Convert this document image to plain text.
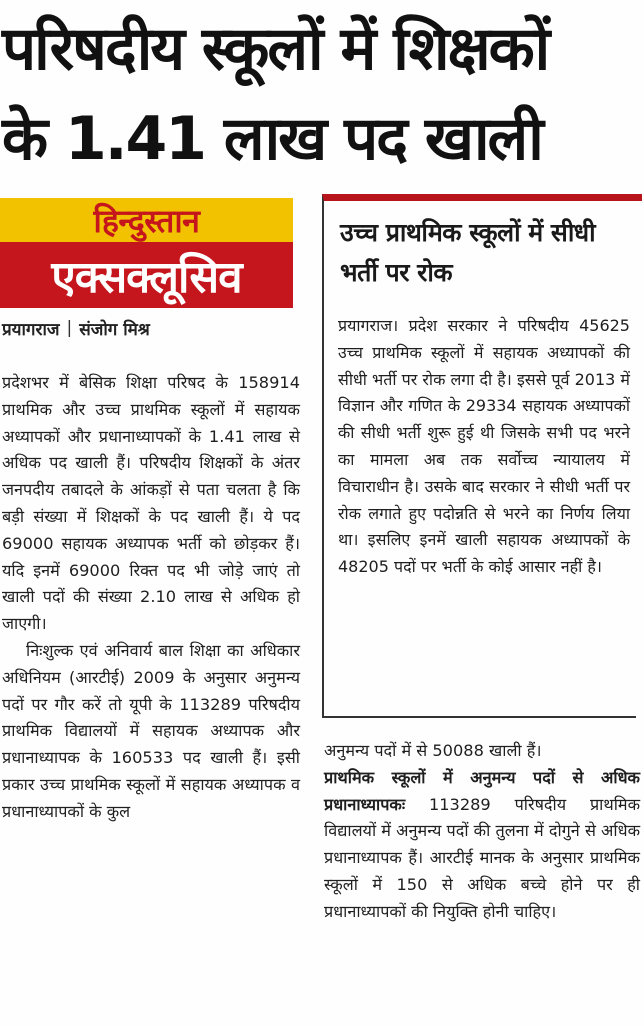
परिषदीय स्कूलों में शिक्षकों
के 1.41 लाख पद खाली
हिन्दुस्तान
एक्सक्लूसिव
प्रयागराज | संजोग मिश्र

प्रदेशभर में बेसिक शिक्षा परिषद के 158914 प्राथमिक और उच्च प्राथमिक स्कूलों में सहायक अध्यापकों और प्रधानाध्यापकों के 1.41 लाख से अधिक पद खाली हैं। परिषदीय शिक्षकों के अंतर जनपदीय तबादले के आंकड़ों से पता चलता है कि बड़ी संख्या में शिक्षकों के पद खाली हैं। ये पद 69000 सहायक अध्यापक भर्ती को छोड़कर हैं। यदि इनमें 69000 रिक्त पद भी जोड़े जाएं तो खाली पदों की संख्या 2.10 लाख से अधिक हो जाएगी।

निःशुल्क एवं अनिवार्य बाल शिक्षा का अधिकार अधिनियम (आरटीई) 2009 के अनुसार अनुमन्य पदों पर गौर करें तो यूपी के 113289 परिषदीय प्राथमिक विद्यालयों में सहायक अध्यापक और प्रधानाध्यापक के 160533 पद खाली हैं। इसी प्रकार उच्च प्राथमिक स्कूलों में सहायक अध्यापक व प्रधानाध्यापकों के कुल

उच्च प्राथमिक स्कूलों में सीधी भर्ती पर रोक
प्रयागराज। प्रदेश सरकार ने परिषदीय 45625 उच्च प्राथमिक स्कूलों में सहायक अध्यापकों की सीधी भर्ती पर रोक लगा दी है। इससे पूर्व 2013 में विज्ञान और गणित के 29334 सहायक अध्यापकों की सीधी भर्ती शुरू हुई थी जिसके सभी पद भरने का मामला अब तक सर्वोच्च न्यायालय में विचाराधीन है। उसके बाद सरकार ने सीधी भर्ती पर रोक लगाते हुए पदोन्नति से भरने का निर्णय लिया था। इसलिए इनमें खाली सहायक अध्यापकों के 48205 पदों पर भर्ती के कोई आसार नहीं है।

अनुमन्य पदों में से 50088 खाली हैं।

प्राथमिक स्कूलों में अनुमन्य पदों से अधिक प्रधानाध्यापकः 113289 परिषदीय प्राथमिक विद्यालयों में अनुमन्य पदों की तुलना में दोगुने से अधिक प्रधानाध्यापक हैं। आरटीई मानक के अनुसार प्राथमिक स्कूलों में 150 से अधिक बच्चे होने पर ही प्रधानाध्यापकों की नियुक्ति होनी चाहिए।
